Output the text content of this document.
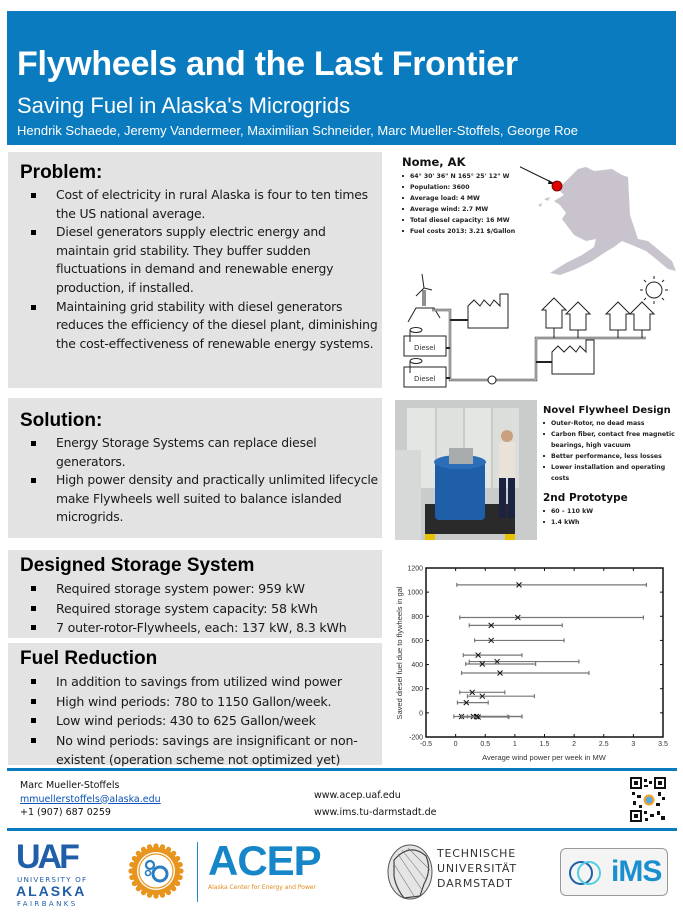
Flywheels and the Last Frontier
Saving Fuel in Alaska's Microgrids
Hendrik Schaede, Jeremy Vandermeer, Maximilian Schneider, Marc Mueller-Stoffels, George Roe
Problem:
Cost of electricity in rural Alaska is four to ten times the US national average.
Diesel generators supply electric energy and maintain grid stability. They buffer sudden fluctuations in demand and renewable energy production, if installed.
Maintaining grid stability with diesel generators reduces the efficiency of the diesel plant, diminishing the cost-effectiveness of renewable energy systems.
Nome, AK
64° 30' 36" N 165° 25' 12" W
Population: 3600
Average load: 4 MW
Average wind: 2.7 MW
Total diesel capacity: 16 MW
Fuel costs 2013: 3.21 $/Gallon
Diesel
Diesel
Solution:
Energy Storage Systems can replace diesel generators.
High power density and practically unlimited lifecycle make Flywheels well suited to balance islanded microgrids.
Novel Flywheel Design
Outer-Rotor, no dead mass
Carbon fiber, contact free magnetic bearings, high vacuum
Better performance, less losses
Lower installation and operating costs
2nd Prototype
60 – 110 kW
1.4 kWh
Designed Storage System
Required storage system power: 959 kW
Required storage system capacity: 58 kWh
7 outer-rotor-Flywheels, each: 137 kW, 8.3 kWh
Fuel Reduction
In addition to savings from utilized wind power
High wind periods: 780 to 1150 Gallon/week.
Low wind periods: 430 to 625 Gallon/week
No wind periods: savings are insignificant or non-existent (operation scheme not optimized yet)
-0.5	0	0.5	1	1.5	2	2.5	3	3.5
-200
0
200
400
600
800
1000
1200
Average wind power per week in MW
Saved diesel fuel due to flywheels in gal
Marc Mueller-Stoffels
mmuellerstoffels@alaska.edu
+1 (907) 687 0259
www.acep.uaf.edu
www.ims.tu-darmstadt.de
UAF
UNIVERSITY OF
ALASKA
FAIRBANKS
ACEP
Alaska Center for Energy and Power
TECHNISCHE
UNIVERSITÄT
DARMSTADT	iMS
